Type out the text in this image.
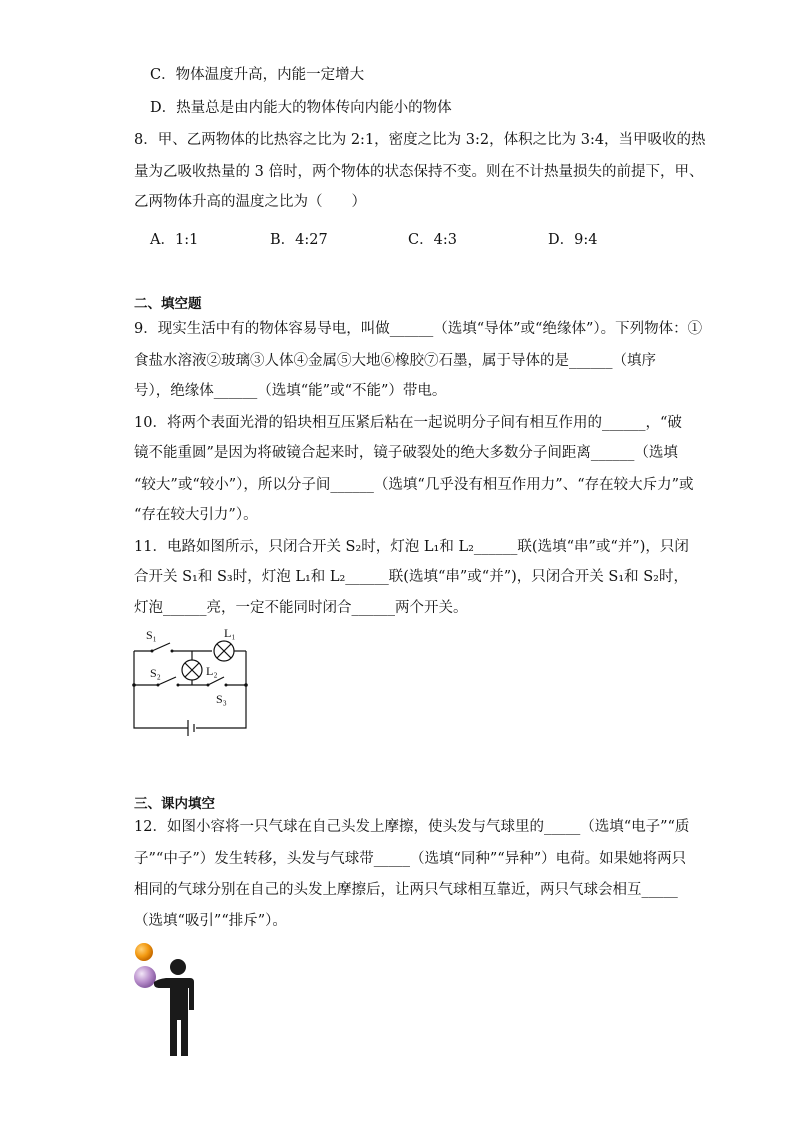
C．物体温度升高，内能一定增大
D．热量总是由内能大的物体传向内能小的物体
8．甲、乙两物体的比热容之比为 2:1，密度之比为 3:2，体积之比为 3:4，当甲吸收的热
量为乙吸收热量的 3 倍时，两个物体的状态保持不变。则在不计热量损失的前提下，甲、
乙两物体升高的温度之比为（　　）
A．1:1	B．4:27	C．4:3	D．9:4
二、填空题
9．现实生活中有的物体容易导电，叫做______（选填“导体”或“绝缘体”）。下列物体：①
食盐水溶液②玻璃③人体④金属⑤大地⑥橡胶⑦石墨，属于导体的是______（填序
号），绝缘体______（选填“能”或“不能”）带电。
10．将两个表面光滑的铅块相互压紧后粘在一起说明分子间有相互作用的______，“破
镜不能重圆”是因为将破镜合起来时，镜子破裂处的绝大多数分子间距离______（选填
“较大”或“较小”），所以分子间______（选填“几乎没有相互作用力”、“存在较大斥力”或
“存在较大引力”）。
11．电路如图所示，只闭合开关 S₂时，灯泡 L₁和 L₂______联(选填“串”或“并”)，只闭
合开关 S₁和 S₃时，灯泡 L₁和 L₂______联(选填“串”或“并”)，只闭合开关 S₁和 S₂时，
灯泡______亮，一定不能同时闭合______两个开关。
S₁	L₁
S₂	L₂
S₃
三、课内填空
12．如图小容将一只气球在自己头发上摩擦，使头发与气球里的_____（选填“电子”“质
子”“中子”）发生转移，头发与气球带_____（选填“同种”“异种”）电荷。如果她将两只
相同的气球分别在自己的头发上摩擦后，让两只气球相互靠近，两只气球会相互_____
（选填“吸引”“排斥”）。
